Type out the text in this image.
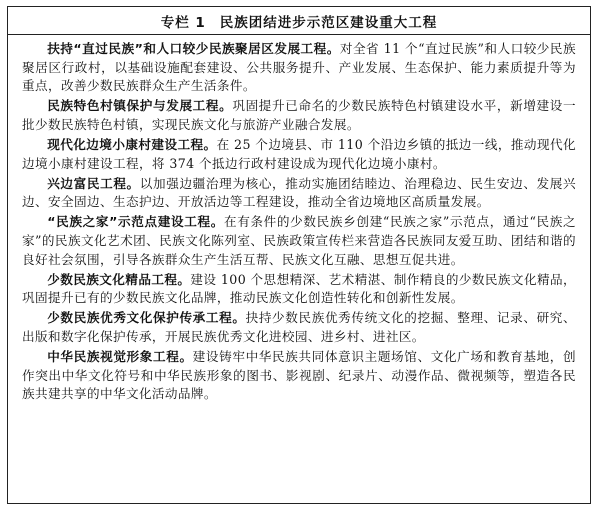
专栏 1 民族团结进步示范区建设重大工程

扶持“直过民族”和人口较少民族聚居区发展工程。对全省 11 个“直过民族”和人口较少民族聚居区行政村，以基础设施配套建设、公共服务提升、产业发展、生态保护、能力素质提升等为重点，改善少数民族群众生产生活条件。

民族特色村镇保护与发展工程。巩固提升已命名的少数民族特色村镇建设水平，新增建设一批少数民族特色村镇，实现民族文化与旅游产业融合发展。

现代化边境小康村建设工程。在 25 个边境县、市 110 个沿边乡镇的抵边一线，推动现代化边境小康村建设工程，将 374 个抵边行政村建设成为现代化边境小康村。

兴边富民工程。以加强边疆治理为核心，推动实施团结睦边、治理稳边、民生安边、发展兴边、安全固边、生态护边、开放活边等工程建设，推动全省边境地区高质量发展。

“民族之家”示范点建设工程。在有条件的少数民族乡创建“民族之家”示范点，通过“民族之家”的民族文化艺术团、民族文化陈列室、民族政策宣传栏来营造各民族同友爱互助、团结和谐的良好社会氛围，引导各族群众生产生活互帮、民族文化互融、思想互促共进。

少数民族文化精品工程。建设 100 个思想精深、艺术精湛、制作精良的少数民族文化精品，巩固提升已有的少数民族文化品牌，推动民族文化创造性转化和创新性发展。

少数民族优秀文化保护传承工程。抉持少数民族优秀传统文化的挖掘、整理、记录、研究、出版和数字化保护传承，开展民族优秀文化进校园、进乡村、进社区。

中华民族视觉形象工程。建设铸牢中华民族共同体意识主题场馆、文化广场和教育基地，创作突出中华文化符号和中华民族形象的图书、影视剧、纪录片、动漫作品、微视频等，塑造各民族共建共享的中华文化活动品牌。
